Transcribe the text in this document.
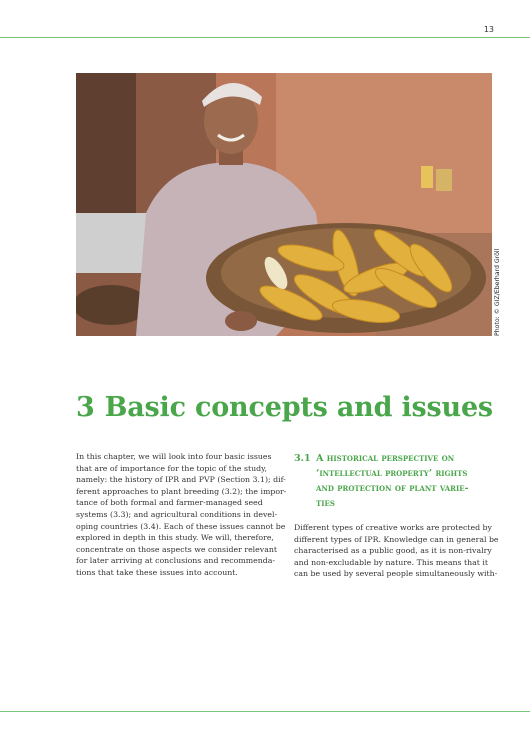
13
Photo: © GIZ/Eberhard Gröll
3 Basic concepts and issues

In this chapter, we will look into four basic issues
that are of importance for the topic of the study,
namely: the history of IPR and PVP (Section 3.1); dif-
ferent approaches to plant breeding (3.2); the impor-
tance of both formal and farmer-managed seed
systems (3.3); and agricultural conditions in devel-
oping countries (3.4). Each of these issues cannot be
explored in depth in this study. We will, therefore,
concentrate on those aspects we consider relevant
for later arriving at conclusions and recommenda-
tions that take these issues into account.

3.1 A historical perspective on
‘intellectual property’ rights
and protection of plant varie-
ties

Different types of creative works are protected by
different types of IPR. Knowledge can in general be
characterised as a public good, as it is non-rivalry
and non-excludable by nature. This means that it
can be used by several people simultaneously with-
